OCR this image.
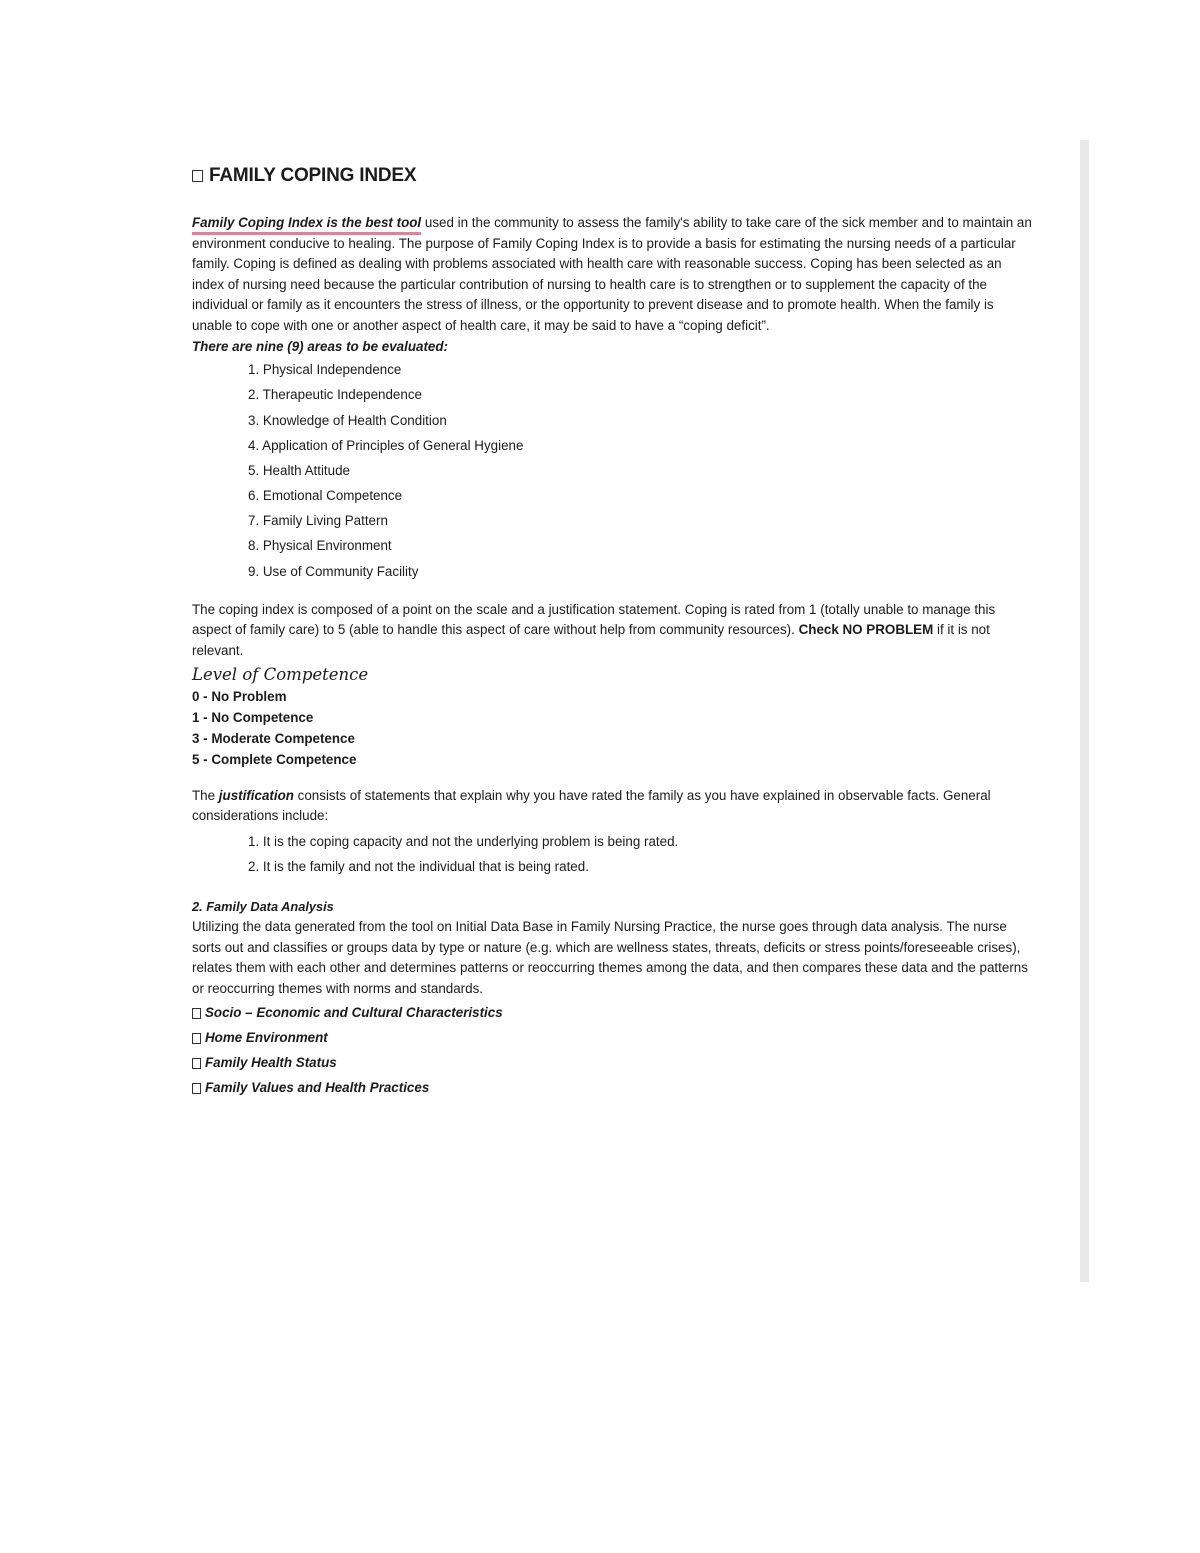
FAMILY COPING INDEX

Family Coping Index is the best tool used in the community to assess the family's ability to take care of the sick member and to maintain an environment conducive to healing. The purpose of Family Coping Index is to provide a basis for estimating the nursing needs of a particular family. Coping is defined as dealing with problems associated with health care with reasonable success. Coping has been selected as an index of nursing need because the particular contribution of nursing to health care is to strengthen or to supplement the capacity of the individual or family as it encounters the stress of illness, or the opportunity to prevent disease and to promote health. When the family is unable to cope with one or another aspect of health care, it may be said to have a “coping deficit”.

There are nine (9) areas to be evaluated:

1. Physical Independence
2. Therapeutic Independence
3. Knowledge of Health Condition
4. Application of Principles of General Hygiene
5. Health Attitude
6. Emotional Competence
7. Family Living Pattern
8. Physical Environment
9. Use of Community Facility

The coping index is composed of a point on the scale and a justification statement. Coping is rated from 1 (totally unable to manage this aspect of family care) to 5 (able to handle this aspect of care without help from community resources). Check NO PROBLEM if it is not relevant.

Level of Competence
0 - No Problem
1 - No Competence
3 - Moderate Competence
5 - Complete Competence

The justification consists of statements that explain why you have rated the family as you have explained in observable facts. General considerations include:

1. It is the coping capacity and not the underlying problem is being rated.
2. It is the family and not the individual that is being rated.
2. Family Data Analysis

Utilizing the data generated from the tool on Initial Data Base in Family Nursing Practice, the nurse goes through data analysis. The nurse sorts out and classifies or groups data by type or nature (e.g. which are wellness states, threats, deficits or stress points/foreseeable crises), relates them with each other and determines patterns or reoccurring themes among the data, and then compares these data and the patterns or reoccurring themes with norms and standards.

Socio – Economic and Cultural Characteristics
Home Environment
Family Health Status
Family Values and Health Practices
